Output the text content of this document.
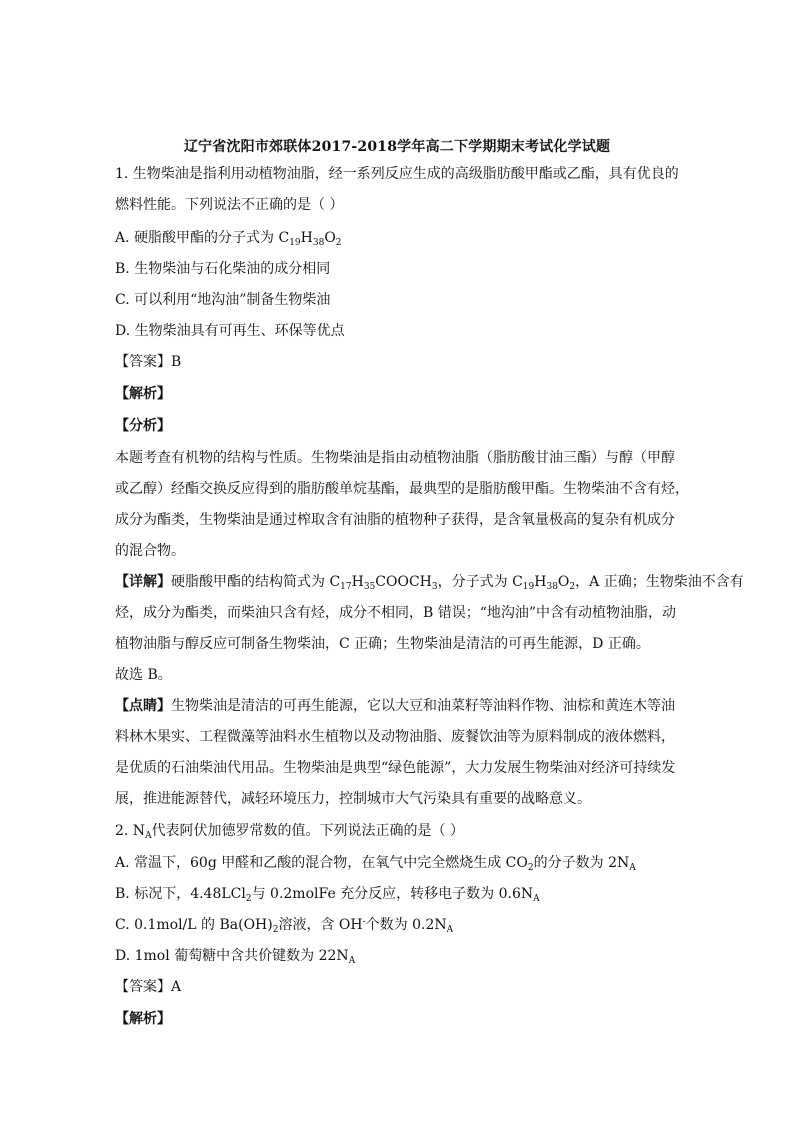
辽宁省沈阳市郊联体2017-2018学年高二下学期期末考试化学试题
1. 生物柴油是指利用动植物油脂，经一系列反应生成的高级脂肪酸甲酯或乙酯，具有优良的
燃料性能。下列说法不正确的是（ ）
A. 硬脂酸甲酯的分子式为 $C_{19}H_{38}O_2$
B. 生物柴油与石化柴油的成分相同
C. 可以利用“地沟油”制备生物柴油
D. 生物柴油具有可再生、环保等优点
【答案】B
【解析】
【分析】
本题考查有机物的结构与性质。生物柴油是指由动植物油脂（脂肪酸甘油三酯）与醇（甲醇
或乙醇）经酯交换反应得到的脂肪酸单烷基酯，最典型的是脂肪酸甲酯。生物柴油不含有烃，
成分为酯类，生物柴油是通过榨取含有油脂的植物种子获得，是含氧量极高的复杂有机成分
的混合物。
【详解】硬脂酸甲酯的结构简式为 $C_{17}H_{35}COOCH_3$，分子式为 $C_{19}H_{38}O_2$，A 正确；生物柴油不含有
烃，成分为酯类，而柴油只含有烃，成分不相同，B 错误；“地沟油”中含有动植物油脂，动
植物油脂与醇反应可制备生物柴油，C 正确；生物柴油是清洁的可再生能源，D 正确。
故选 B。
【点睛】生物柴油是清洁的可再生能源，它以大豆和油菜籽等油料作物、油棕和黄连木等油
料林木果实、工程微藻等油料水生植物以及动物油脂、废餐饮油等为原料制成的液体燃料，
是优质的石油柴油代用品。生物柴油是典型“绿色能源”，大力发展生物柴油对经济可持续发
展，推进能源替代，减轻环境压力，控制城市大气污染具有重要的战略意义。
2. $N_A$代表阿伏加德罗常数的值。下列说法正确的是（ ）
A. 常温下，60g 甲醛和乙酸的混合物，在氧气中完全燃烧生成 $CO_2$的分子数为 $2N_A$
B. 标况下，4.48LCl$_2$与 0.2molFe 充分反应，转移电子数为 $0.6N_A$
C. 0.1mol/L 的 $Ba(OH)_2$溶液，含 OH-个数为 $0.2N_A$
D. 1mol 葡萄糖中含共价键数为 $22N_A$
【答案】A
【解析】
